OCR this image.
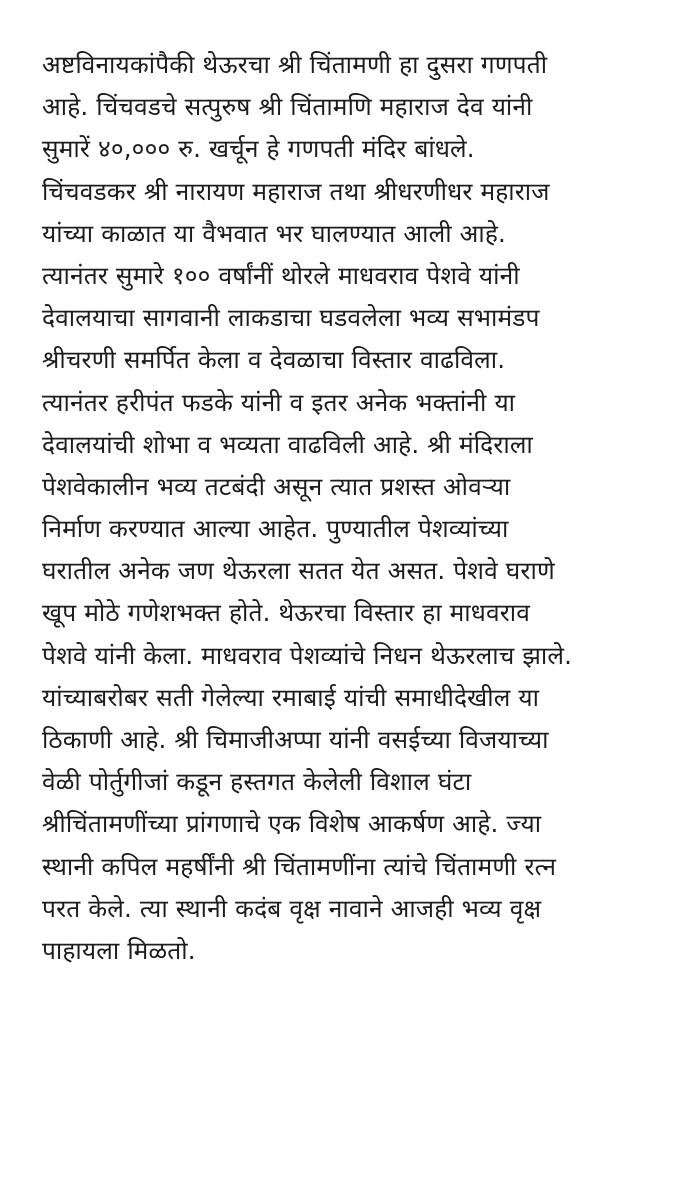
अष्टविनायकांपैकी थेऊरचा श्री चिंतामणी हा दुसरा गणपती
आहे. चिंचवडचे सत्पुरुष श्री चिंतामणि महाराज देव यांनी
सुमारें ४०,००० रु. खर्चून हे गणपती मंदिर बांधले.
चिंचवडकर श्री नारायण महाराज तथा श्रीधरणीधर महाराज
यांच्या काळात या वैभवात भर घालण्यात आली आहे.
त्यानंतर सुमारे १०० वर्षांनीं थोरले माधवराव पेशवे यांनी
देवालयाचा सागवानी लाकडाचा घडवलेला भव्य सभामंडप
श्रीचरणी समर्पित केला व देवळाचा विस्तार वाढविला.
त्यानंतर हरीपंत फडके यांनी व इतर अनेक भक्तांनी या
देवालयांची शोभा व भव्यता वाढविली आहे. श्री मंदिराला
पेशवेकालीन भव्य तटबंदी असून त्यात प्रशस्त ओवऱ्या
निर्माण करण्यात आल्या आहेत. पुण्यातील पेशव्यांच्या
घरातील अनेक जण थेऊरला सतत येत असत. पेशवे घराणे
खूप मोठे गणेशभक्त होते. थेऊरचा विस्तार हा माधवराव
पेशवे यांनी केला. माधवराव पेशव्यांचे निधन थेऊरलाच झाले.
यांच्याबरोबर सती गेलेल्या रमाबाई यांची समाधीदेखील या
ठिकाणी आहे. श्री चिमाजीअप्पा यांनी वसईच्या विजयाच्या
वेळी पोर्तुगीजां कडून हस्तगत केलेली विशाल घंटा
श्रीचिंतामणींच्या प्रांगणाचे एक विशेष आकर्षण आहे. ज्या
स्थानी कपिल महर्षींनी श्री चिंतामणींना त्यांचे चिंतामणी रत्न
परत केले. त्या स्थानी कदंब वृक्ष नावाने आजही भव्य वृक्ष
पाहायला मिळतो.
